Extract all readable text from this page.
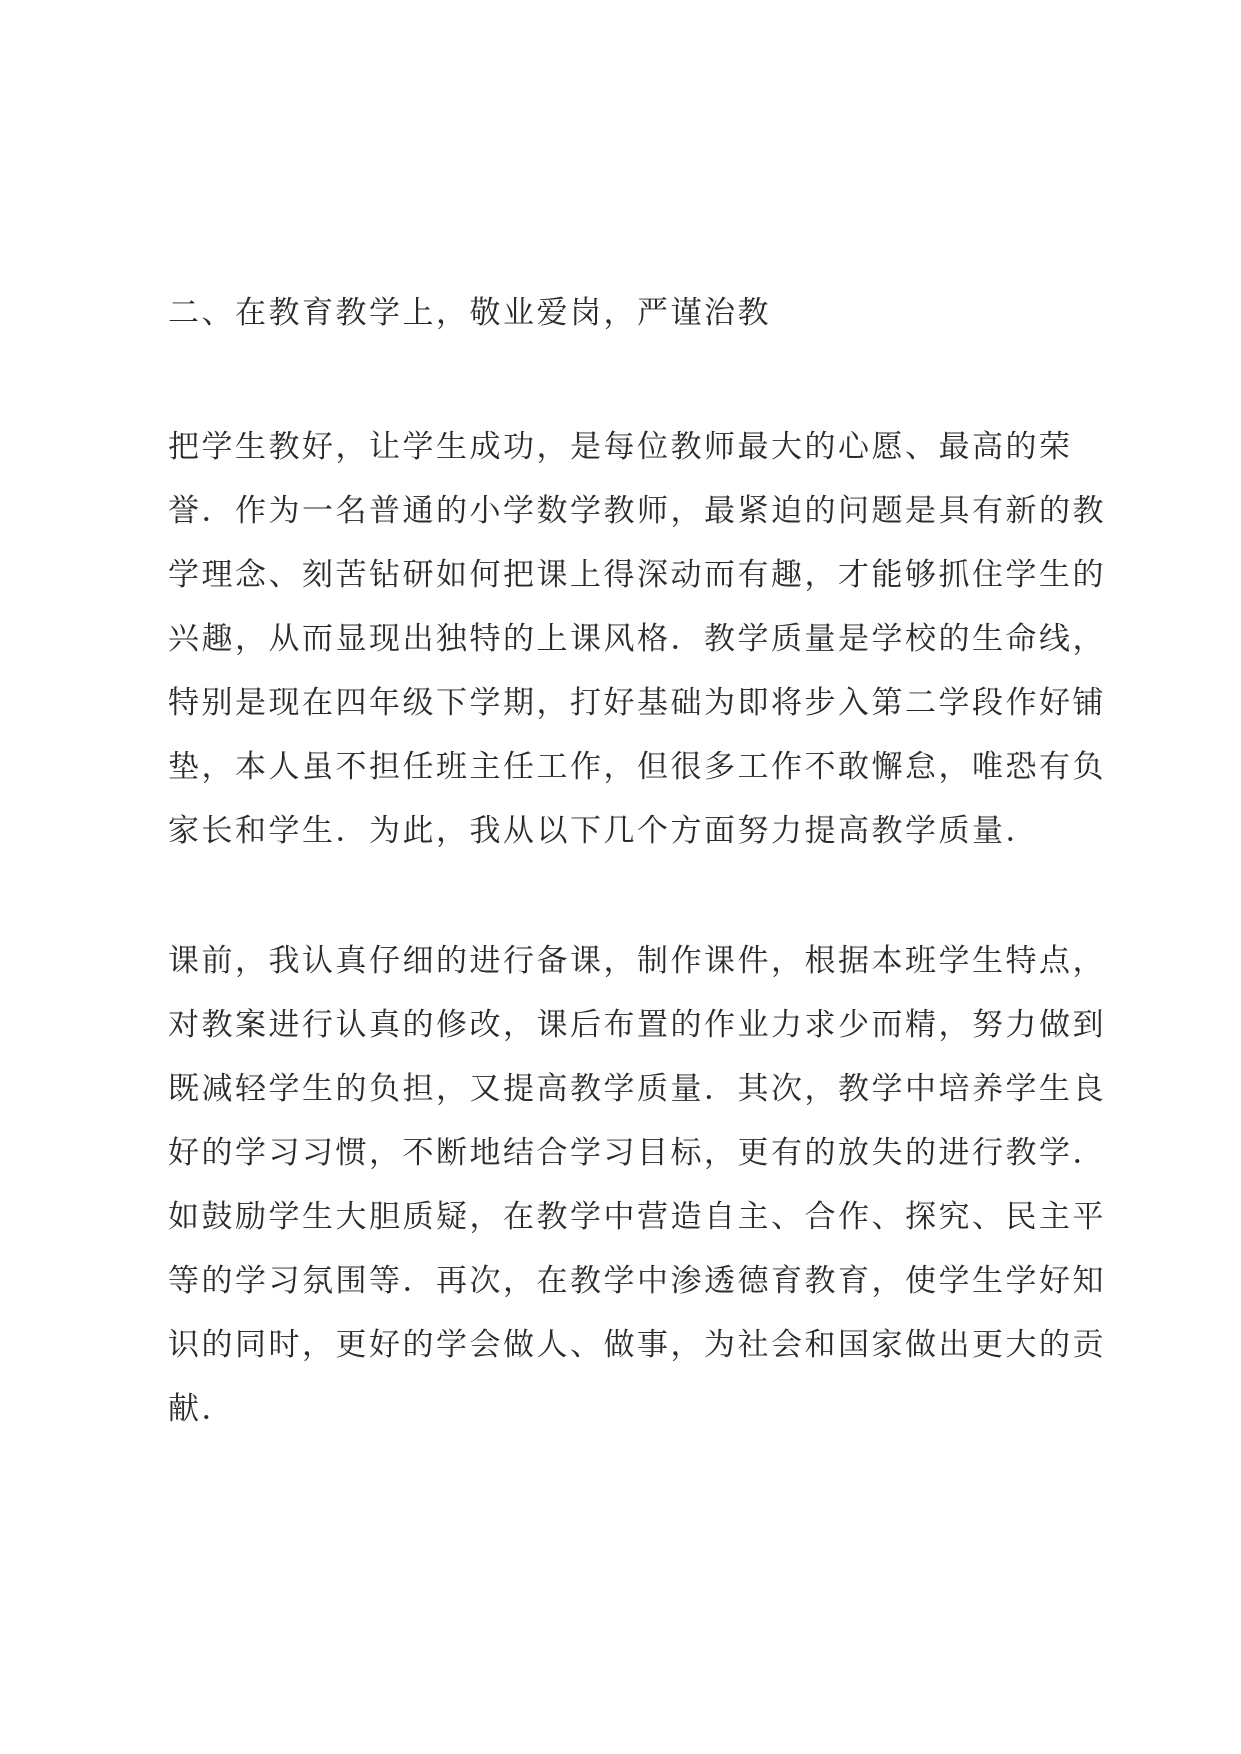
二、在教育教学上，敬业爱岗，严谨治教
把学生教好，让学生成功，是每位教师最大的心愿、最高的荣
誉．作为一名普通的小学数学教师，最紧迫的问题是具有新的教
学理念、刻苦钻研如何把课上得深动而有趣，才能够抓住学生的
兴趣，从而显现出独特的上课风格．教学质量是学校的生命线，
特别是现在四年级下学期，打好基础为即将步入第二学段作好铺
垫，本人虽不担任班主任工作，但很多工作不敢懈怠，唯恐有负
家长和学生．为此，我从以下几个方面努力提高教学质量．
课前，我认真仔细的进行备课，制作课件，根据本班学生特点，
对教案进行认真的修改，课后布置的作业力求少而精，努力做到
既减轻学生的负担，又提高教学质量．其次，教学中培养学生良
好的学习习惯，不断地结合学习目标，更有的放失的进行教学．
如鼓励学生大胆质疑，在教学中营造自主、合作、探究、民主平
等的学习氛围等．再次，在教学中渗透德育教育，使学生学好知
识的同时，更好的学会做人、做事，为社会和国家做出更大的贡
献．
